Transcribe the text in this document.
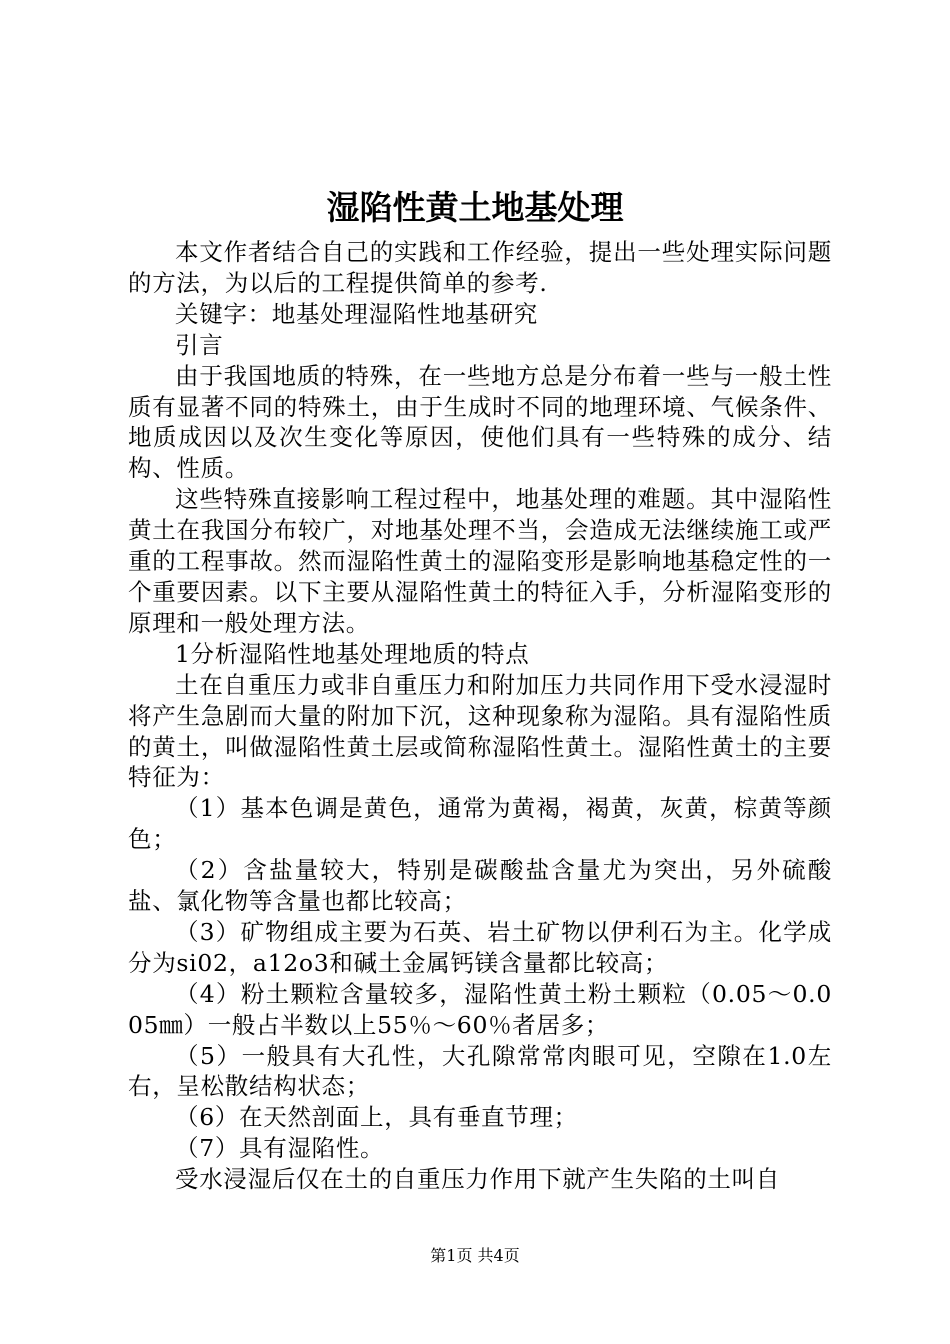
湿陷性黄土地基处理

本文作者结合自己的实践和工作经验，提出一些处理实际问题的方法，为以后的工程提供简单的参考.

关键字：地基处理湿陷性地基研究

引言

由于我国地质的特殊，在一些地方总是分布着一些与一般土性质有显著不同的特殊土，由于生成时不同的地理环境、气候条件、地质成因以及次生变化等原因，使他们具有一些特殊的成分、结构、性质。

这些特殊直接影响工程过程中，地基处理的难题。其中湿陷性黄土在我国分布较广，对地基处理不当，会造成无法继续施工或严重的工程事故。然而湿陷性黄土的湿陷变形是影响地基稳定性的一个重要因素。以下主要从湿陷性黄土的特征入手，分析湿陷变形的原理和一般处理方法。

1分析湿陷性地基处理地质的特点

土在自重压力或非自重压力和附加压力共同作用下受水浸湿时将产生急剧而大量的附加下沉，这种现象称为湿陷。具有湿陷性质的黄土，叫做湿陷性黄土层或简称湿陷性黄土。湿陷性黄土的主要特征为：

（1）基本色调是黄色，通常为黄褐，褐黄，灰黄，棕黄等颜色；

（2）含盐量较大，特别是碳酸盐含量尤为突出，另外硫酸盐、氯化物等含量也都比较高；

（3）矿物组成主要为石英、岩土矿物以伊利石为主。化学成分为si02，a12o3和碱土金属钙镁含量都比较高；

（4）粉土颗粒含量较多，湿陷性黄土粉土颗粒（0.05～0.005㎜）一般占半数以上55％～60％者居多；

（5）一般具有大孔性，大孔隙常常肉眼可见，空隙在1.0左右，呈松散结构状态；

（6）在天然剖面上，具有垂直节理；

（7）具有湿陷性。

受水浸湿后仅在土的自重压力作用下就产生失陷的土叫自

第1页 共4页
